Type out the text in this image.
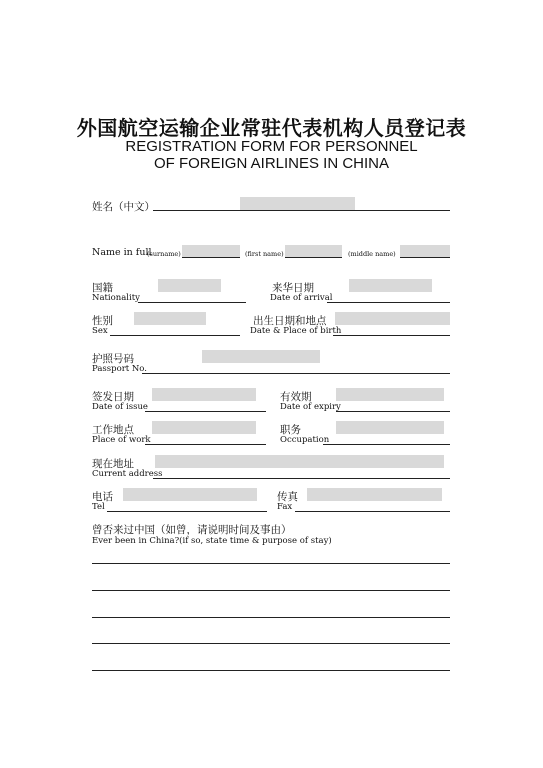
外国航空运输企业常驻代表机构人员登记表
REGISTRATION FORM FOR PERSONNEL
OF FOREIGN AIRLINES IN CHINA
姓名（中文）
Name in full
(surname)	(first name)	(middle name)
国籍
Nationality
来华日期
Date of arrival
性别
Sex
出生日期和地点
Date & Place of birth
护照号码
Passport No.
签发日期
Date of issue
有效期
Date of expiry
工作地点
Place of work
职务
Occupation
现在地址
Current address
电话
Tel
传真
Fax
曾否来过中国（如曾，请说明时间及事由）
Ever been in China?(if so, state time & purpose of stay)
